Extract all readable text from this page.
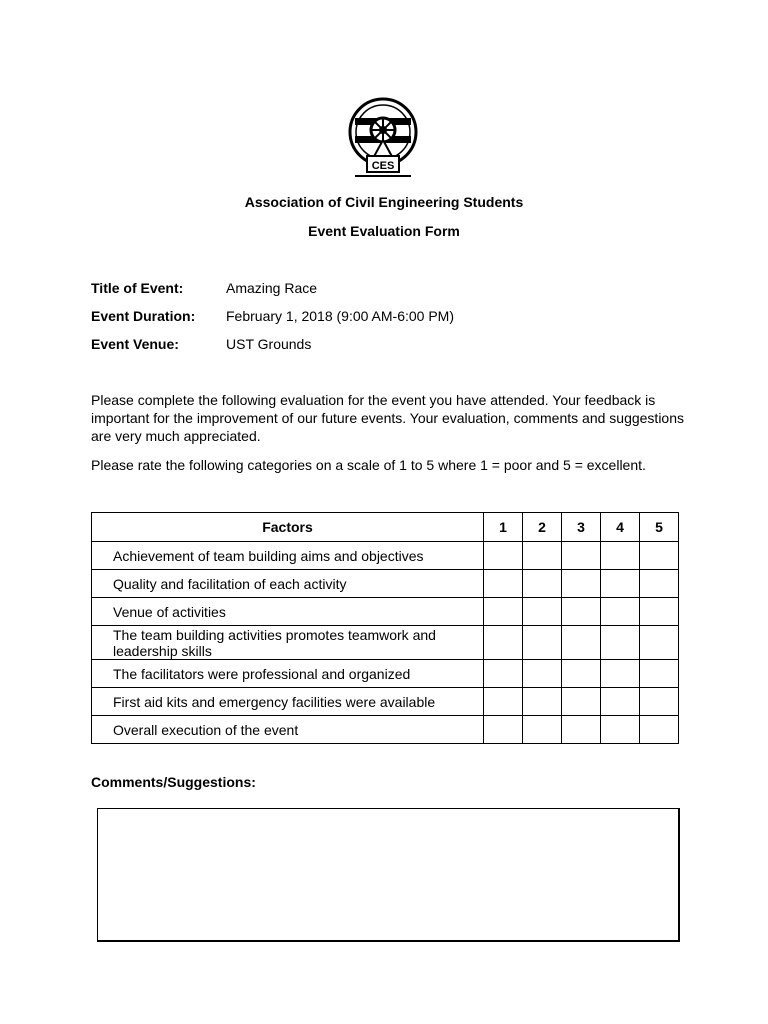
CES
Association of Civil Engineering Students
Event Evaluation Form
Title of Event:	Amazing Race
Event Duration: February 1, 2018 (9:00 AM-6:00 PM)
Event Venue:	UST Grounds
Please complete the following evaluation for the event you have attended. Your feedback is important for the improvement of our future events. Your evaluation, comments and suggestions are very much appreciated.
Please rate the following categories on a scale of 1 to 5 where 1 = poor and 5 = excellent.
Factors	1	2	3	4	5
Achievement of team building aims and objectives					
Quality and facilitation of each activity					
Venue of activities					
The team building activities promotes teamwork and leadership skills					
The facilitators were professional and organized					
First aid kits and emergency facilities were available					
Overall execution of the event					
Comments/Suggestions:
